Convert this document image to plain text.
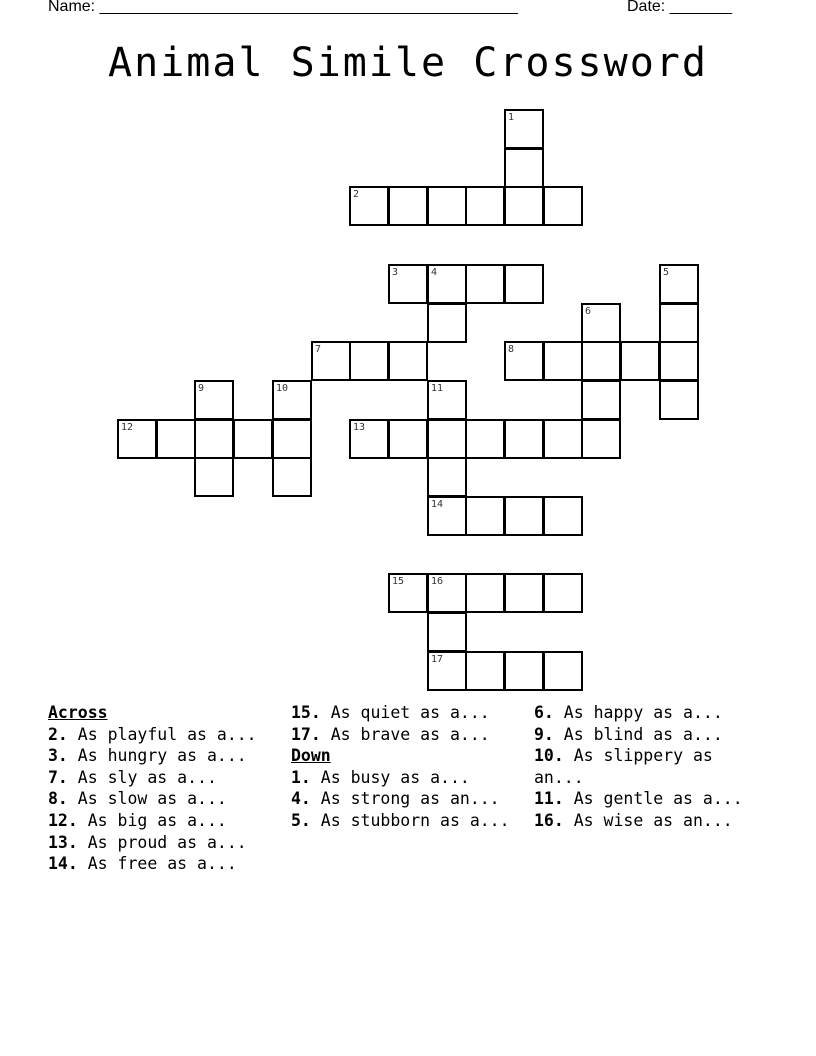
Name: _______________________________________________

	Date: _______

Animal Simile Crossword
1
2
3	4	5
6
7	8
9	10	11
12	13
14
15	16
17
Across
2. As playful as a...
3. As hungry as a...
7. As sly as a...
8. As slow as a...
12. As big as a...
13. As proud as a...
14. As free as a...
15. As quiet as a...
17. As brave as a...
Down
1. As busy as a...
4. As strong as an...
5. As stubborn as a...
6. As happy as a...
9. As blind as a...
10. As slippery as an...
11. As gentle as a...
16. As wise as an...
